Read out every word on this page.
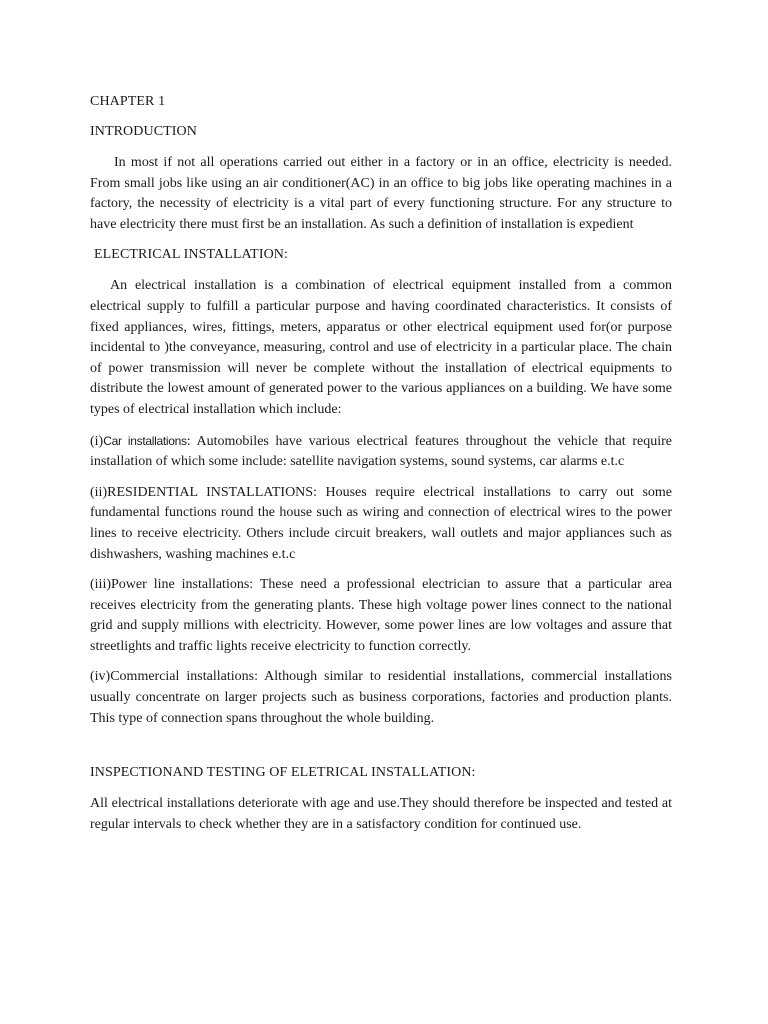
CHAPTER 1
INTRODUCTION

In most if not all operations carried out either in a factory or in an office, electricity is needed. From small jobs like using an air conditioner(AC) in an office to big jobs like operating machines in a factory, the necessity of electricity is a vital part of every functioning structure. For any structure to have electricity there must first be an installation. As such a definition of installation is expedient

ELECTRICAL INSTALLATION:

An electrical installation is a combination of electrical equipment installed from a common electrical supply to fulfill a particular purpose and having coordinated characteristics. It consists of fixed appliances, wires, fittings, meters, apparatus or other electrical equipment used for(or purpose incidental to )the conveyance, measuring, control and use of electricity in a particular place. The chain of power transmission will never be complete without the installation of electrical equipments to distribute the lowest amount of generated power to the various appliances on a building. We have some types of electrical installation which include:

(i)Car installations: Automobiles have various electrical features throughout the vehicle that require installation of which some include: satellite navigation systems, sound systems, car alarms e.t.c

(ii)RESIDENTIAL INSTALLATIONS: Houses require electrical installations to carry out some fundamental functions round the house such as wiring and connection of electrical wires to the power lines to receive electricity. Others include circuit breakers, wall outlets and major appliances such as dishwashers, washing machines e.t.c

(iii)Power line installations: These need a professional electrician to assure that a particular area receives electricity from the generating plants. These high voltage power lines connect to the national grid and supply millions with electricity. However, some power lines are low voltages and assure that streetlights and traffic lights receive electricity to function correctly.

(iv)Commercial installations: Although similar to residential installations, commercial installations usually concentrate on larger projects such as business corporations, factories and production plants. This type of connection spans throughout the whole building.

INSPECTIONAND TESTING OF ELETRICAL INSTALLATION:

All electrical installations deteriorate with age and use.They should therefore be inspected and tested at regular intervals to check whether they are in a satisfactory condition for continued use.
